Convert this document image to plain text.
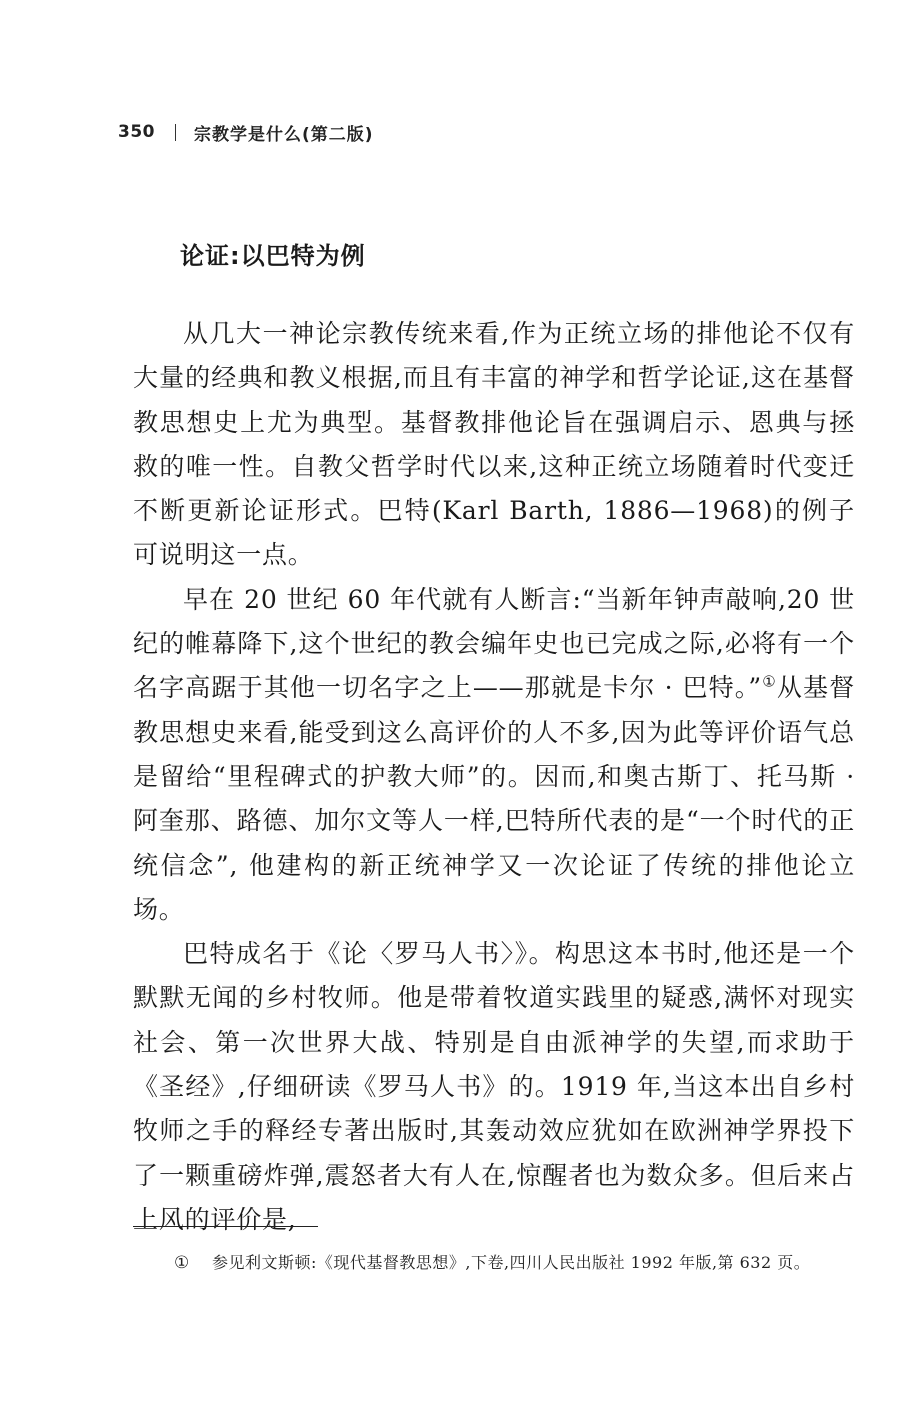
350 宗教学是什么(第二版)
论证:以巴特为例

从几大一神论宗教传统来看,作为正统立场的排他论不仅有大量的经典和教义根据,而且有丰富的神学和哲学论证,这在基督教思想史上尤为典型。基督教排他论旨在强调启示、恩典与拯救的唯一性。自教父哲学时代以来,这种正统立场随着时代变迁不断更新论证形式。巴特(Karl Barth, 1886—1968)的例子可说明这一点。

早在 20 世纪 60 年代就有人断言:“当新年钟声敲响,20 世纪的帷幕降下,这个世纪的教会编年史也已完成之际,必将有一个名字高踞于其他一切名字之上——那就是卡尔 · 巴特。”①从基督教思想史来看,能受到这么高评价的人不多,因为此等评价语气总是留给“里程碑式的护教大师”的。因而,和奥古斯丁、托马斯 · 阿奎那、路德、加尔文等人一样,巴特所代表的是“一个时代的正统信念”, 他建构的新正统神学又一次论证了传统的排他论立场。

巴特成名于《论〈罗马人书〉》。构思这本书时,他还是一个默默无闻的乡村牧师。他是带着牧道实践里的疑惑,满怀对现实社会、第一次世界大战、特别是自由派神学的失望,而求助于《圣经》,仔细研读《罗马人书》的。1919 年,当这本出自乡村牧师之手的释经专著出版时,其轰动效应犹如在欧洲神学界投下了一颗重磅炸弹,震怒者大有人在,惊醒者也为数众多。但后来占上风的评价是,

①	参见利文斯顿:《现代基督教思想》,下卷,四川人民出版社 1992 年版,第 632 页。
